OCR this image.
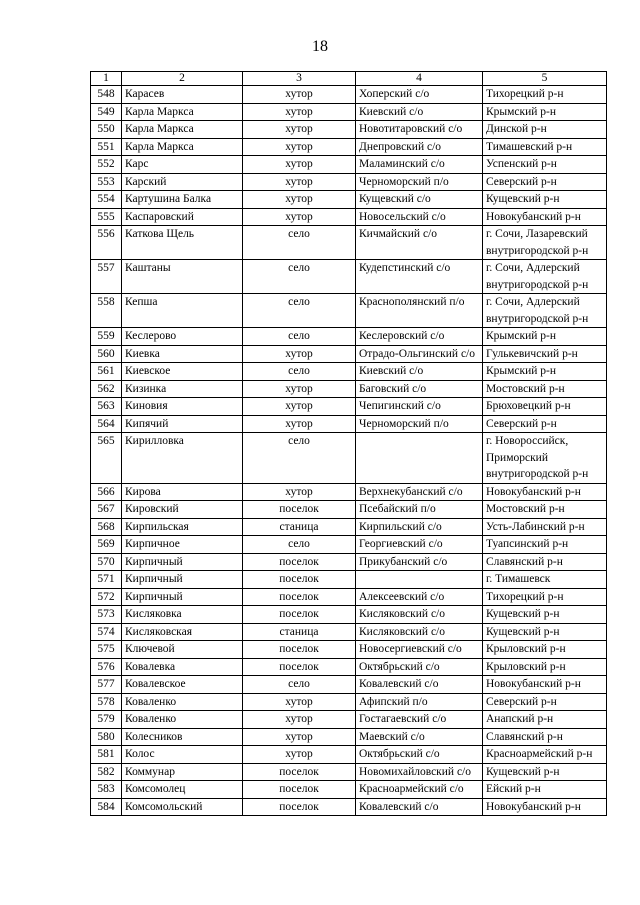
18
1	2	3	4	5
548	Карасев	хутор	Хоперский с/о	Тихорецкий р-н
549	Карла Маркса	хутор	Киевский с/о	Крымский р-н
550	Карла Маркса	хутор	Новотитаровский с/о	Динской р-н
551	Карла Маркса	хутор	Днепровский с/о	Тимашевский р-н
552	Карс	хутор	Маламинский с/о	Успенский р-н
553	Карский	хутор	Черноморский п/о	Северский р-н
554	Картушина Балка	хутор	Кущевский с/о	Кущевский р-н
555	Каспаровский	хутор	Новосельский с/о	Новокубанский р-н
556	Каткова Щель	село	Кичмайский с/о	г. Сочи, Лазаревский внутригородской р-н
557	Каштаны	село	Кудепстинский с/о	г. Сочи, Адлерский внутригородской р-н
558	Кепша	село	Краснополянский п/о	г. Сочи, Адлерский внутригородской р-н
559	Кеслерово	село	Кеслеровский с/о	Крымский р-н
560	Киевка	хутор	Отрадо-Ольгинский с/о	Гулькевичский р-н
561	Киевское	село	Киевский с/о	Крымский р-н
562	Кизинка	хутор	Баговский с/о	Мостовский р-н
563	Киновия	хутор	Чепигинский с/о	Брюховецкий р-н
564	Кипячий	хутор	Черноморский п/о	Северский р-н
565	Кирилловка	село		г. Новороссийск, Приморский внутригородской р-н
566	Кирова	хутор	Верхнекубанский с/о	Новокубанский р-н
567	Кировский	поселок	Псебайский п/о	Мостовский р-н
568	Кирпильская	станица	Кирпильский с/о	Усть-Лабинский р-н
569	Кирпичное	село	Георгиевский с/о	Туапсинский р-н
570	Кирпичный	поселок	Прикубанский с/о	Славянский р-н
571	Кирпичный	поселок		г. Тимашевск
572	Кирпичный	поселок	Алексеевский с/о	Тихорецкий р-н
573	Кисляковка	поселок	Кисляковский с/о	Кущевский р-н
574	Кисляковская	станица	Кисляковский с/о	Кущевский р-н
575	Ключевой	поселок	Новосергиевский с/о	Крыловский р-н
576	Ковалевка	поселок	Октябрьский с/о	Крыловский р-н
577	Ковалевское	село	Ковалевский с/о	Новокубанский р-н
578	Коваленко	хутор	Афипский п/о	Северский р-н
579	Коваленко	хутор	Гостагаевский с/о	Анапский р-н
580	Колесников	хутор	Маевский с/о	Славянский р-н
581	Колос	хутор	Октябрьский с/о	Красноармейский р-н
582	Коммунар	поселок	Новомихайловский с/о	Кущевский р-н
583	Комсомолец	поселок	Красноармейский с/о	Ейский р-н
584	Комсомольский	поселок	Ковалевский с/о	Новокубанский р-н
